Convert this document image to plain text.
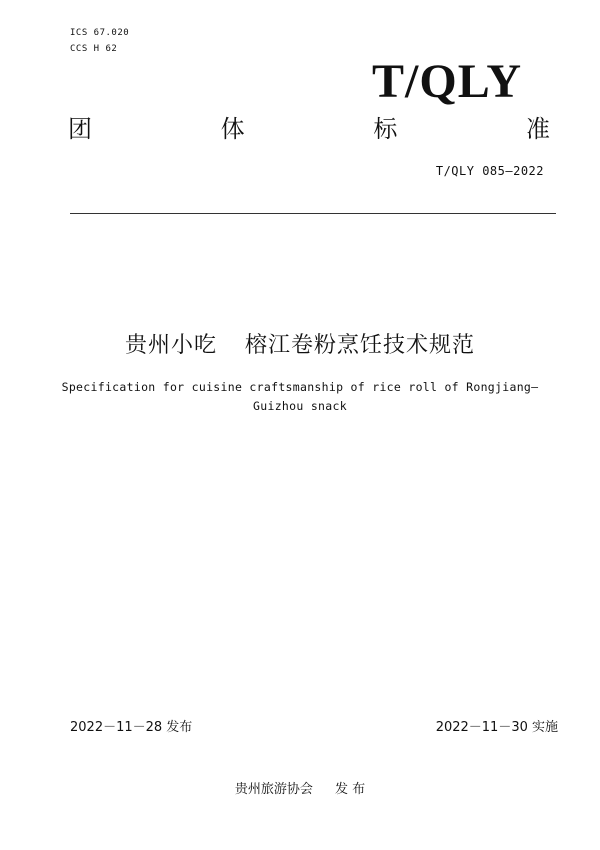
ICS 67.020
CCS H 62
T/QLY
团	体	标	准
T/QLY 085—2022
贵州小吃 榕江卷粉烹饪技术规范
Specification for cuisine craftsmanship of rice roll of Rongjiang—Guizhou snack
2022－11－28 发布	2022－11－30 实施
贵州旅游协会 发 布
